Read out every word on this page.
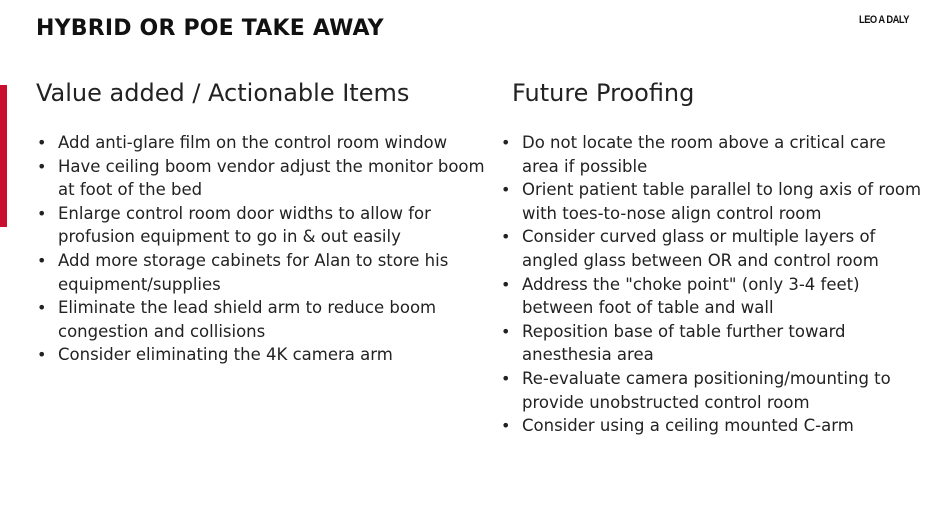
HYBRID OR POE TAKE AWAY	LEO A DALY
Value added / Actionable Items
• Add anti-glare film on the control room window
• Have ceiling boom vendor adjust the monitor boom at foot of the bed
• Enlarge control room door widths to allow for profusion equipment to go in & out easily
• Add more storage cabinets for Alan to store his equipment/supplies
• Eliminate the lead shield arm to reduce boom congestion and collisions
• Consider eliminating the 4K camera arm
Future Proofing
• Do not locate the room above a critical care area if possible
• Orient patient table parallel to long axis of room with toes-to-nose align control room
• Consider curved glass or multiple layers of angled glass between OR and control room
• Address the "choke point" (only 3-4 feet) between foot of table and wall
• Reposition base of table further toward anesthesia area
• Re-evaluate camera positioning/mounting to provide unobstructed control room
• Consider using a ceiling mounted C-arm
